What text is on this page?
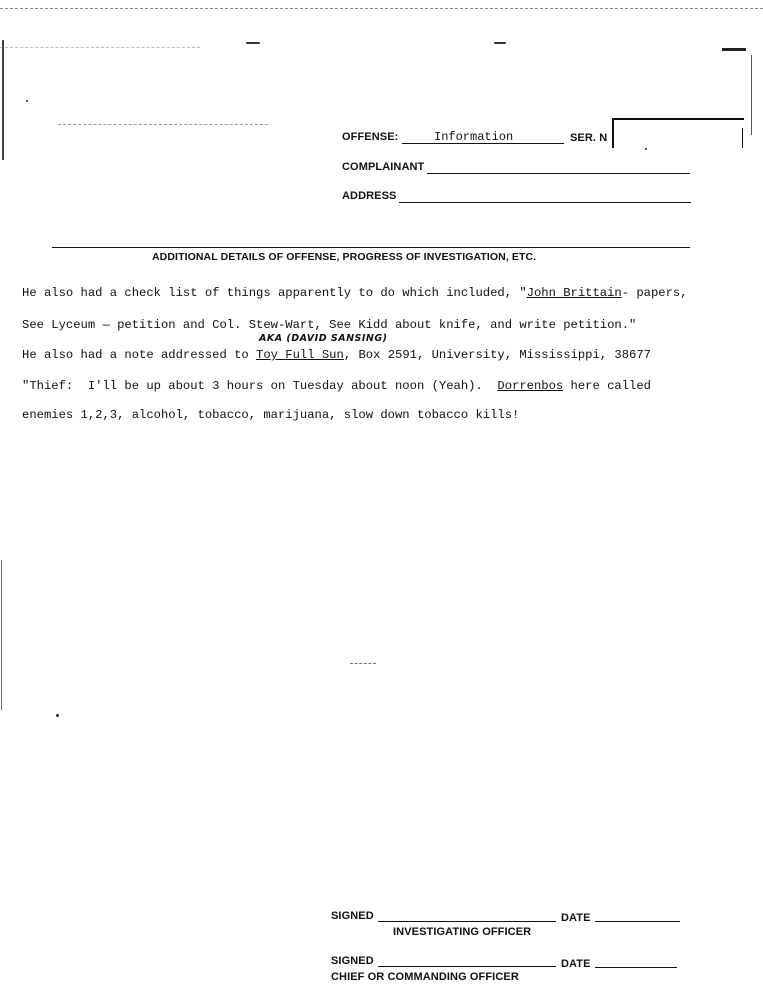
OFFENSE:	Information	SER. N
COMPLAINANT
ADDRESS
ADDITIONAL DETAILS OF OFFENSE, PROGRESS OF INVESTIGATION, ETC.
He also had a check list of things apparently to do which included, "John Brittain- papers,
See Lyceum — petition and Col. Stew-Wart, See Kidd about knife, and write petition."
AKA (DAVID SANSING)
He also had a note addressed to Toy Full Sun, Box 2591, University, Mississippi, 38677
"Thief:  I'll be up about 3 hours on Tuesday about noon (Yeah).  Dorrenbos here called
enemies 1,2,3, alcohol, tobacco, marijuana, slow down tobacco kills!
SIGNED	DATE
INVESTIGATING OFFICER
SIGNED	DATE
CHIEF OR COMMANDING OFFICER
